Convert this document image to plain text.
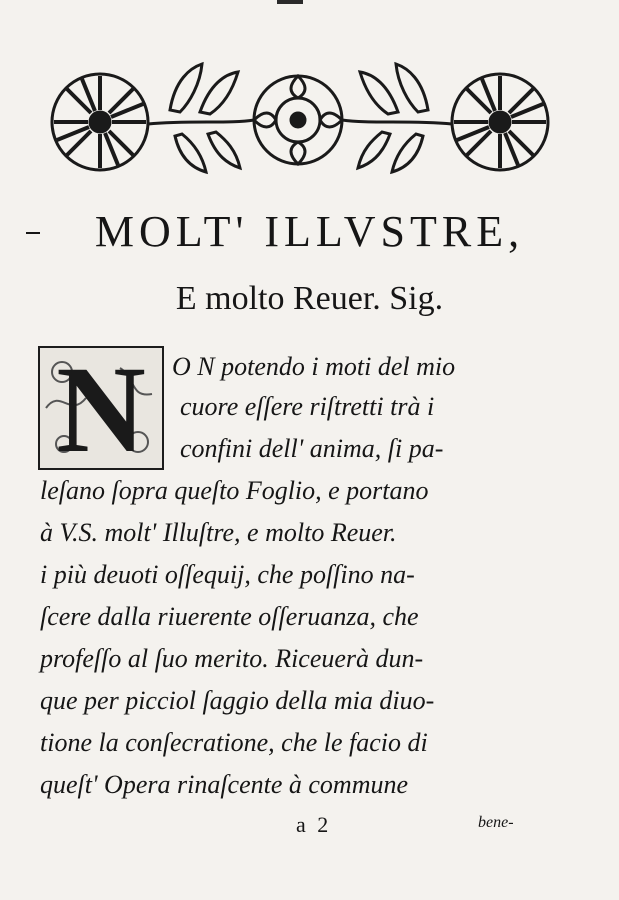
MOLT' ILLVSTRE,
E molto Reuer. Sig.
N	O N potendo i moti del mio
cuore eſſere riſtretti trà i
confini dell' anima, ſi pa-
leſano ſopra queſto Foglio, e portano
à V.S. molt' Illuſtre, e molto Reuer.
i più deuoti oſſequij, che poſſino na-
ſcere dalla riuerente oſſeruanza, che
profeſſo al ſuo merito. Riceuerà dun-
que per picciol ſaggio della mia diuo-
tione la conſecratione, che le facio di
queſt' Opera rinaſcente à commune
a 2	bene-
